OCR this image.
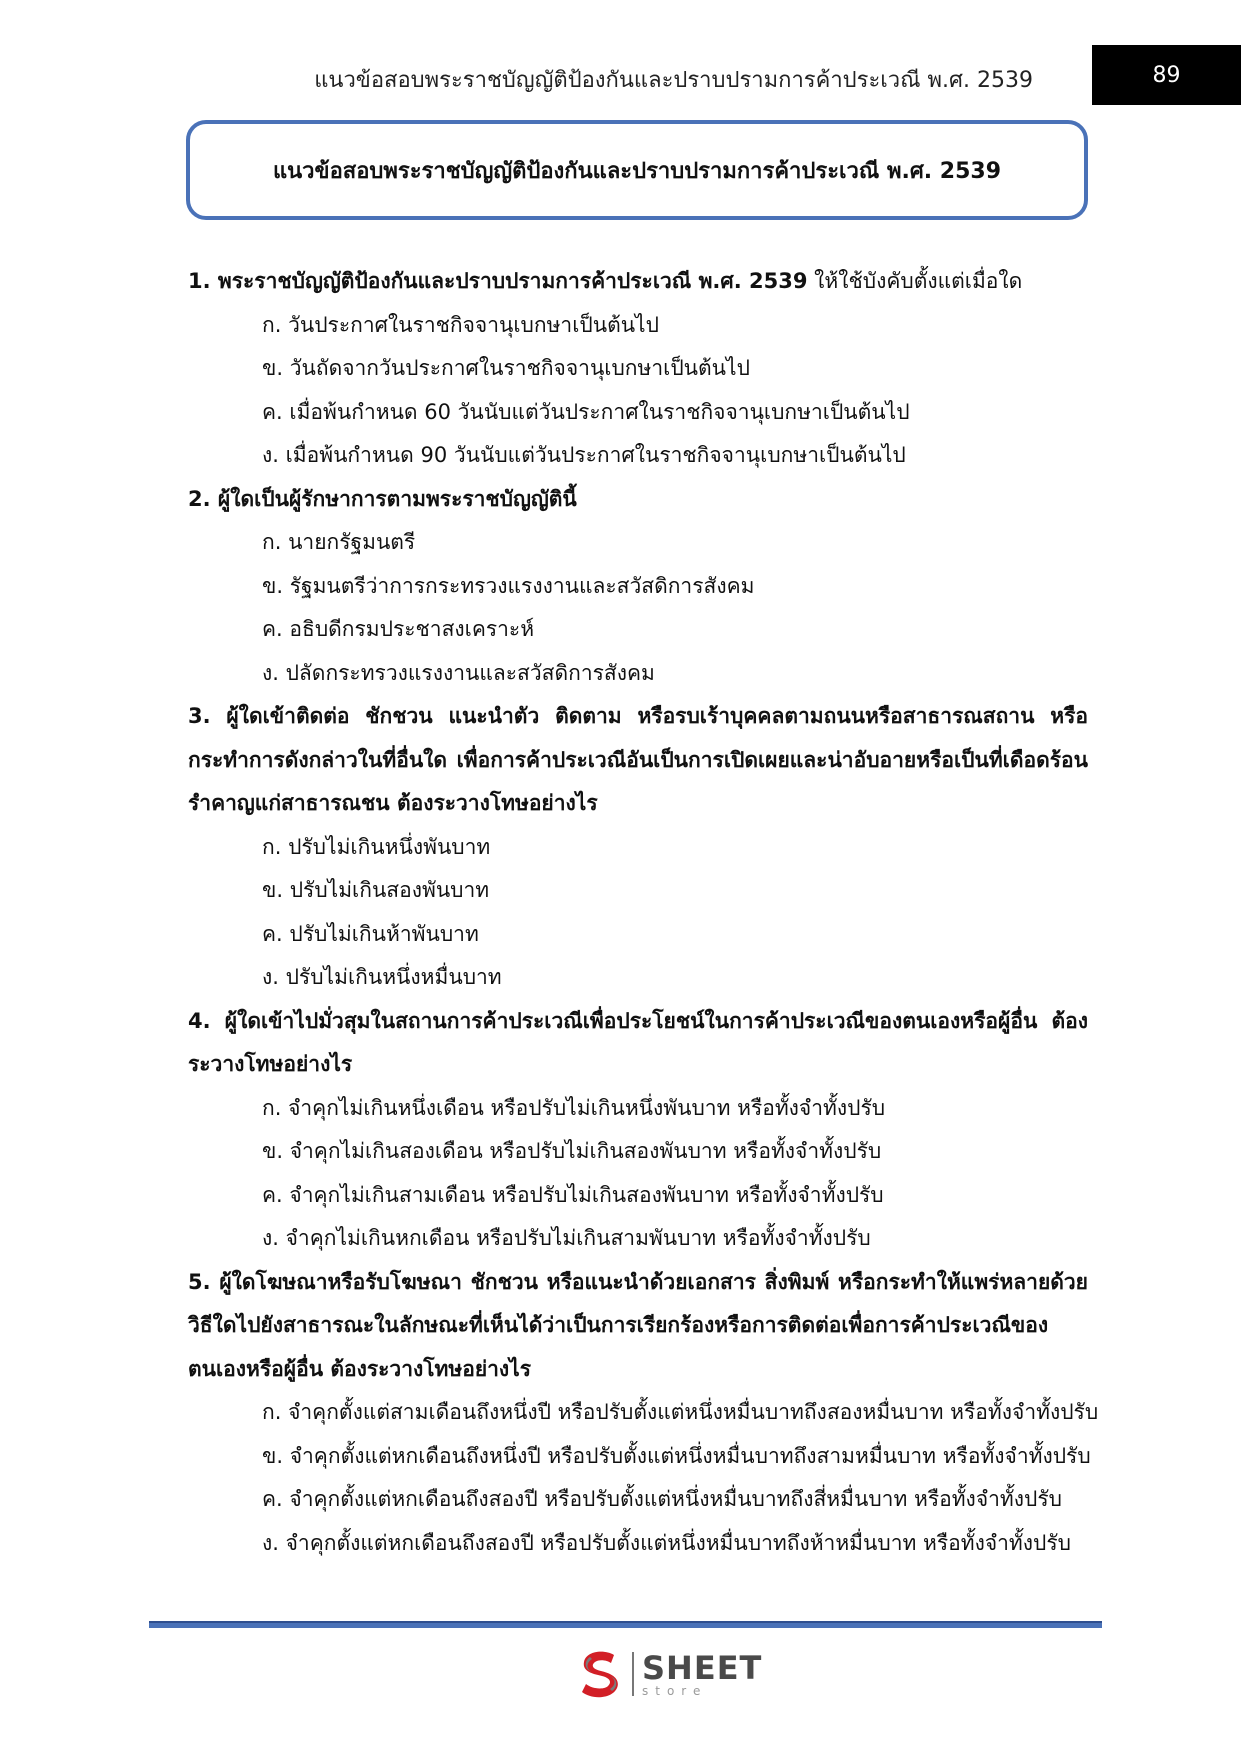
แนวข้อสอบพระราชบัญญัติป้องกันและปราบปรามการค้าประเวณี พ.ศ. 2539	89
แนวข้อสอบพระราชบัญญัติป้องกันและปราบปรามการค้าประเวณี พ.ศ. 2539
1. พระราชบัญญัติป้องกันและปราบปรามการค้าประเวณี พ.ศ. 2539 ให้ใช้บังคับตั้งแต่เมื่อใด
ก. วันประกาศในราชกิจจานุเบกษาเป็นต้นไป
ข. วันถัดจากวันประกาศในราชกิจจานุเบกษาเป็นต้นไป
ค. เมื่อพ้นกำหนด 60 วันนับแต่วันประกาศในราชกิจจานุเบกษาเป็นต้นไป
ง. เมื่อพ้นกำหนด 90 วันนับแต่วันประกาศในราชกิจจานุเบกษาเป็นต้นไป
2. ผู้ใดเป็นผู้รักษาการตามพระราชบัญญัตินี้
ก. นายกรัฐมนตรี
ข. รัฐมนตรีว่าการกระทรวงแรงงานและสวัสดิการสังคม
ค. อธิบดีกรมประชาสงเคราะห์
ง. ปลัดกระทรวงแรงงานและสวัสดิการสังคม
3. ผู้ใดเข้าติดต่อ ชักชวน แนะนำตัว ติดตาม หรือรบเร้าบุคคลตามถนนหรือสาธารณสถาน หรือกระทำการดังกล่าวในที่อื่นใด เพื่อการค้าประเวณีอันเป็นการเปิดเผยและน่าอับอายหรือเป็นที่เดือดร้อนรำคาญแก่สาธารณชน ต้องระวางโทษอย่างไร
ก. ปรับไม่เกินหนึ่งพันบาท
ข. ปรับไม่เกินสองพันบาท
ค. ปรับไม่เกินห้าพันบาท
ง. ปรับไม่เกินหนึ่งหมื่นบาท
4. ผู้ใดเข้าไปมั่วสุมในสถานการค้าประเวณีเพื่อประโยชน์ในการค้าประเวณีของตนเองหรือผู้อื่น ต้องระวางโทษอย่างไร
ก. จำคุกไม่เกินหนึ่งเดือน หรือปรับไม่เกินหนึ่งพันบาท หรือทั้งจำทั้งปรับ
ข. จำคุกไม่เกินสองเดือน หรือปรับไม่เกินสองพันบาท หรือทั้งจำทั้งปรับ
ค. จำคุกไม่เกินสามเดือน หรือปรับไม่เกินสองพันบาท หรือทั้งจำทั้งปรับ
ง. จำคุกไม่เกินหกเดือน หรือปรับไม่เกินสามพันบาท หรือทั้งจำทั้งปรับ
5. ผู้ใดโฆษณาหรือรับโฆษณา ชักชวน หรือแนะนำด้วยเอกสาร สิ่งพิมพ์ หรือกระทำให้แพร่หลายด้วยวิธีใดไปยังสาธารณะในลักษณะที่เห็นได้ว่าเป็นการเรียกร้องหรือการติดต่อเพื่อการค้าประเวณีของตนเองหรือผู้อื่น ต้องระวางโทษอย่างไร
ก. จำคุกตั้งแต่สามเดือนถึงหนึ่งปี หรือปรับตั้งแต่หนึ่งหมื่นบาทถึงสองหมื่นบาท หรือทั้งจำทั้งปรับ
ข. จำคุกตั้งแต่หกเดือนถึงหนึ่งปี หรือปรับตั้งแต่หนึ่งหมื่นบาทถึงสามหมื่นบาท หรือทั้งจำทั้งปรับ
ค. จำคุกตั้งแต่หกเดือนถึงสองปี หรือปรับตั้งแต่หนึ่งหมื่นบาทถึงสี่หมื่นบาท หรือทั้งจำทั้งปรับ
ง. จำคุกตั้งแต่หกเดือนถึงสองปี หรือปรับตั้งแต่หนึ่งหมื่นบาทถึงห้าหมื่นบาท หรือทั้งจำทั้งปรับ
SHEET
store
